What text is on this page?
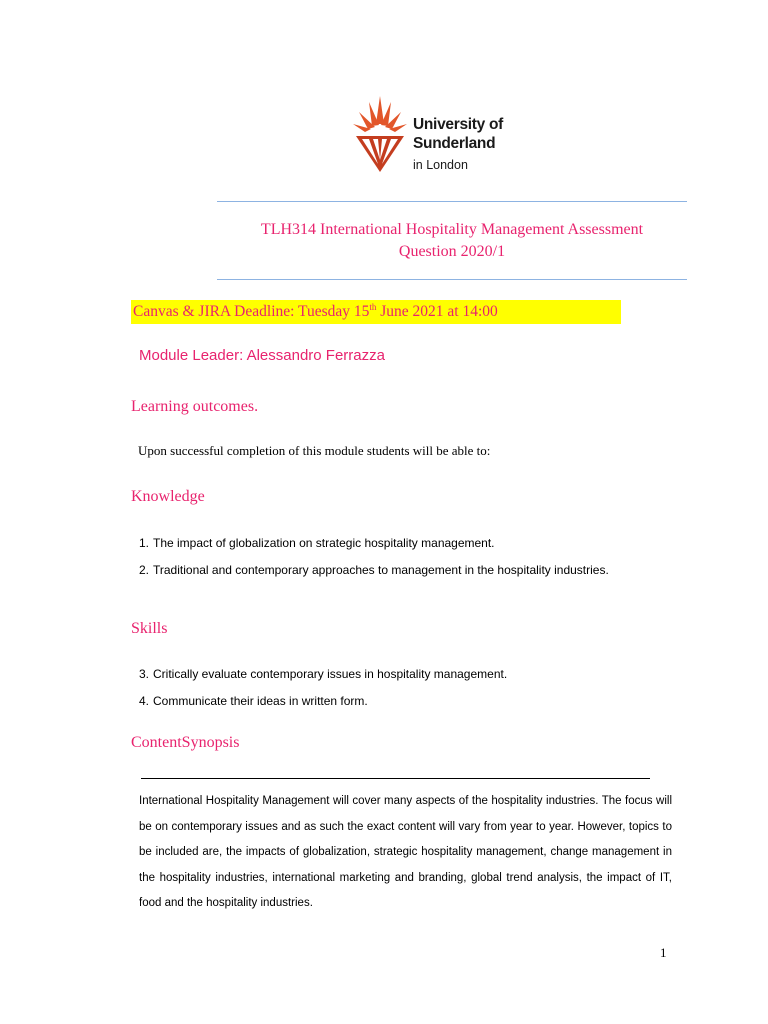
University of
Sunderland
in London
TLH314 International Hospitality Management Assessment
Question 2020/1
Canvas & JIRA Deadline: Tuesday 15th June 2021 at 14:00
Module Leader: Alessandro Ferrazza
Learning outcomes.
Upon successful completion of this module students will be able to:
Knowledge
1. The impact of globalization on strategic hospitality management.
2. Traditional and contemporary approaches to management in the hospitality industries.
Skills
3. Critically evaluate contemporary issues in hospitality management.
4. Communicate their ideas in written form.
ContentSynopsis
International Hospitality Management will cover many aspects of the hospitality industries. The focus will be on contemporary issues and as such the exact content will vary from year to year. However, topics to be included are, the impacts of globalization, strategic hospitality management, change management in the hospitality industries, international marketing and branding, global trend analysis, the impact of IT, food and the hospitality industries.
1
